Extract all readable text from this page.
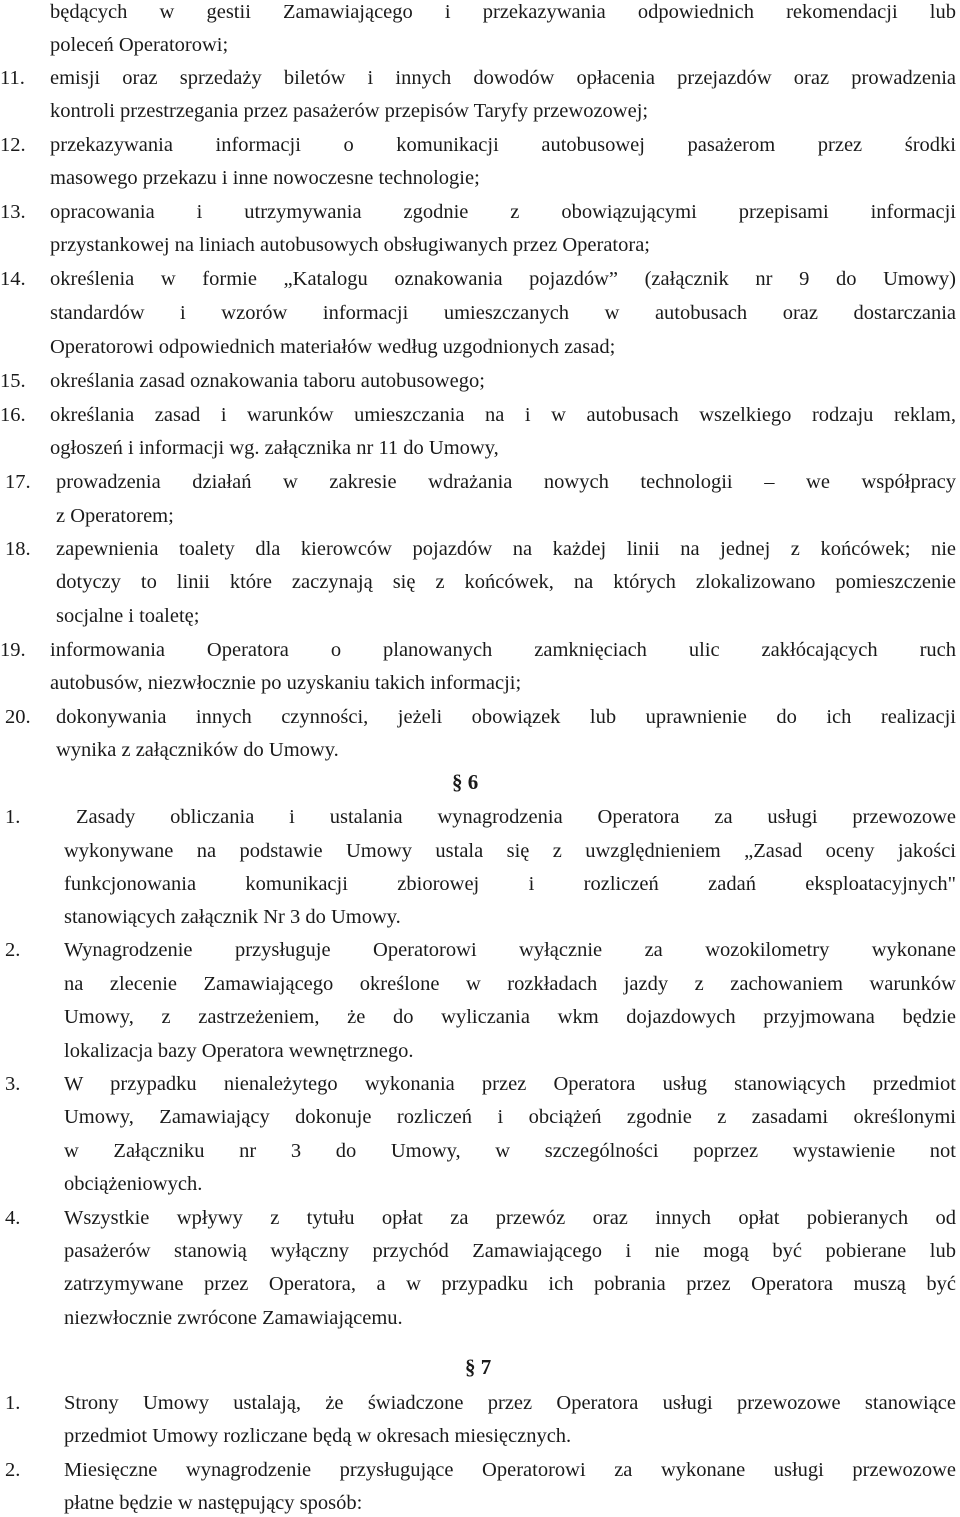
będących w gestii Zamawiającego i przekazywania odpowiednich rekomendacji lub
poleceń Operatorowi;
11. emisji oraz sprzedaży biletów i innych dowodów opłacenia przejazdów oraz prowadzenia
kontroli przestrzegania przez pasażerów przepisów Taryfy przewozowej;
12. przekazywania informacji o komunikacji autobusowej pasażerom przez środki
masowego przekazu i inne nowoczesne technologie;
13. opracowania i utrzymywania zgodnie z obowiązującymi przepisami informacji
przystankowej na liniach autobusowych obsługiwanych przez Operatora;
14. określenia w formie „Katalogu oznakowania pojazdów” (załącznik nr 9 do Umowy)
standardów i wzorów informacji umieszczanych w autobusach oraz dostarczania
Operatorowi odpowiednich materiałów według uzgodnionych zasad;
15. określania zasad oznakowania taboru autobusowego;
16. określania zasad i warunków umieszczania na i w autobusach wszelkiego rodzaju reklam,
ogłoszeń i informacji wg. załącznika nr 11 do Umowy,
17. prowadzenia działań w zakresie wdrażania nowych technologii – we współpracy
z Operatorem;
18. zapewnienia toalety dla kierowców pojazdów na każdej linii na jednej z końcówek; nie
dotyczy to linii które zaczynają się z końcówek, na których zlokalizowano pomieszczenie
socjalne i toaletę;
19. informowania Operatora o planowanych zamknięciach ulic zakłócających ruch
autobusów, niezwłocznie po uzyskaniu takich informacji;
20. dokonywania innych czynności, jeżeli obowiązek lub uprawnienie do ich realizacji
wynika z załączników do Umowy.
§ 6
1.	Zasady obliczania i ustalania wynagrodzenia Operatora za usługi przewozowe
wykonywane na podstawie Umowy ustala się z uwzględnieniem „Zasad oceny jakości
funkcjonowania komunikacji zbiorowej i rozliczeń zadań eksploatacyjnych"
stanowiących załącznik Nr 3 do Umowy.
2. Wynagrodzenie przysługuje Operatorowi wyłącznie za wozokilometry wykonane
na zlecenie Zamawiającego określone w rozkładach jazdy z zachowaniem warunków
Umowy, z zastrzeżeniem, że do wyliczania wkm dojazdowych przyjmowana będzie
lokalizacja bazy Operatora wewnętrznego.
3. W przypadku nienależytego wykonania przez Operatora usług stanowiących przedmiot
Umowy, Zamawiający dokonuje rozliczeń i obciążeń zgodnie z zasadami określonymi
w Załączniku nr 3 do Umowy, w szczególności poprzez wystawienie not
obciążeniowych.
4. Wszystkie wpływy z tytułu opłat za przewóz oraz innych opłat pobieranych od
pasażerów stanowią wyłączny przychód Zamawiającego i nie mogą być pobierane lub
zatrzymywane przez Operatora, a w przypadku ich pobrania przez Operatora muszą być
niezwłocznie zwrócone Zamawiającemu.
§ 7
1. Strony Umowy ustalają, że świadczone przez Operatora usługi przewozowe stanowiące
przedmiot Umowy rozliczane będą w okresach miesięcznych.
2. Miesięczne wynagrodzenie przysługujące Operatorowi za wykonane usługi przewozowe
płatne będzie w następujący sposób:
